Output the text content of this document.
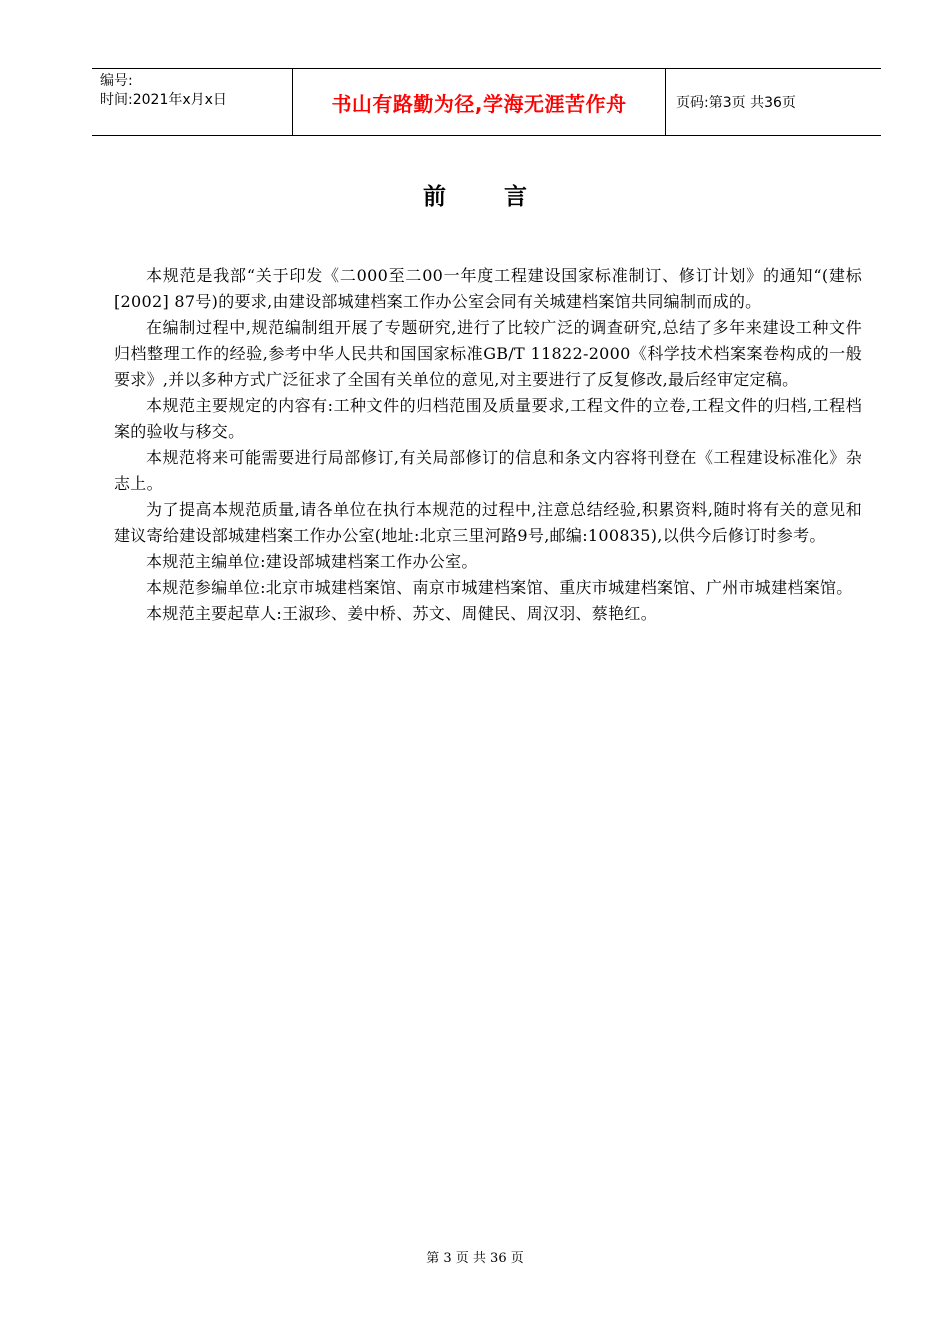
编号:
时间:2021年x月x日	书山有路勤为径,学海无涯苦作舟	页码:第3页 共36页
前言

本规范是我部“关于印发《二000至二00一年度工程建设国家标准制订、修订计划》的通知“(建标[2002] 87号)的要求,由建设部城建档案工作办公室会同有关城建档案馆共同编制而成的。

在编制过程中,规范编制组开展了专题研究,进行了比较广泛的调查研究,总结了多年来建设工种文件归档整理工作的经验,参考中华人民共和国国家标准GB/T 11822-2000《科学技术档案案卷构成的一般要求》,并以多种方式广泛征求了全国有关单位的意见,对主要进行了反复修改,最后经审定定稿。

本规范主要规定的内容有:工种文件的归档范围及质量要求,工程文件的立卷,工程文件的归档,工程档案的验收与移交。

本规范将来可能需要进行局部修订,有关局部修订的信息和条文内容将刊登在《工程建设标准化》杂志上。

为了提高本规范质量,请各单位在执行本规范的过程中,注意总结经验,积累资料,随时将有关的意见和建议寄给建设部城建档案工作办公室(地址:北京三里河路9号,邮编:100835),以供今后修订时参考。

本规范主编单位:建设部城建档案工作办公室。

本规范参编单位:北京市城建档案馆、南京市城建档案馆、重庆市城建档案馆、广州市城建档案馆。

本规范主要起草人:王淑珍、姜中桥、苏文、周健民、周汉羽、蔡艳红。

第 3 页 共 36 页
